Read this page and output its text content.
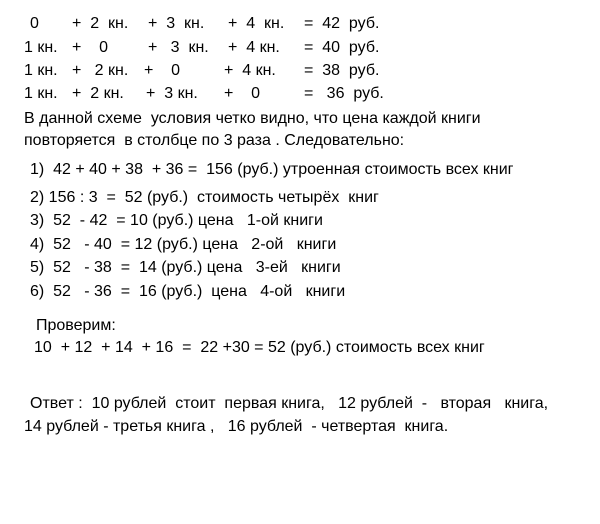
0 +  2  кн. +  3  кн. +  4  кн. =  42  руб.
1 кн. +    0 +   3  кн. +  4 кн. =  40  руб.
1 кн. +   2 кн. +    0	+  4 кн. =  38  руб.
1 кн. +  2 кн. +  3 кн. +    0	=   36  руб.
В данной схеме  условия четко видно, что цена каждой книги
повторяется  в столбце по 3 раза . Следовательно:
1)  42 + 40 + 38  + 36 =  156 (руб.) утроенная стоимость всех книг
2) 156 : 3  =  52 (руб.)  стоимость четырёх  книг
3)  52  - 42  = 10 (руб.) цена   1-ой книги
4)  52   - 40  = 12 (руб.) цена   2-ой   книги
5)  52   - 38  =  14 (руб.) цена   3-ей   книги
6)  52   - 36  =  16 (руб.)  цена   4-ой   книги
Проверим:
10  + 12  + 14  + 16  =  22 +30 = 52 (руб.) стоимость всех книг
Ответ :  10 рублей  стоит  первая книга,   12 рублей  -   вторая   книга,
14 рублей - третья книга ,   16 рублей  - четвертая  книга.
